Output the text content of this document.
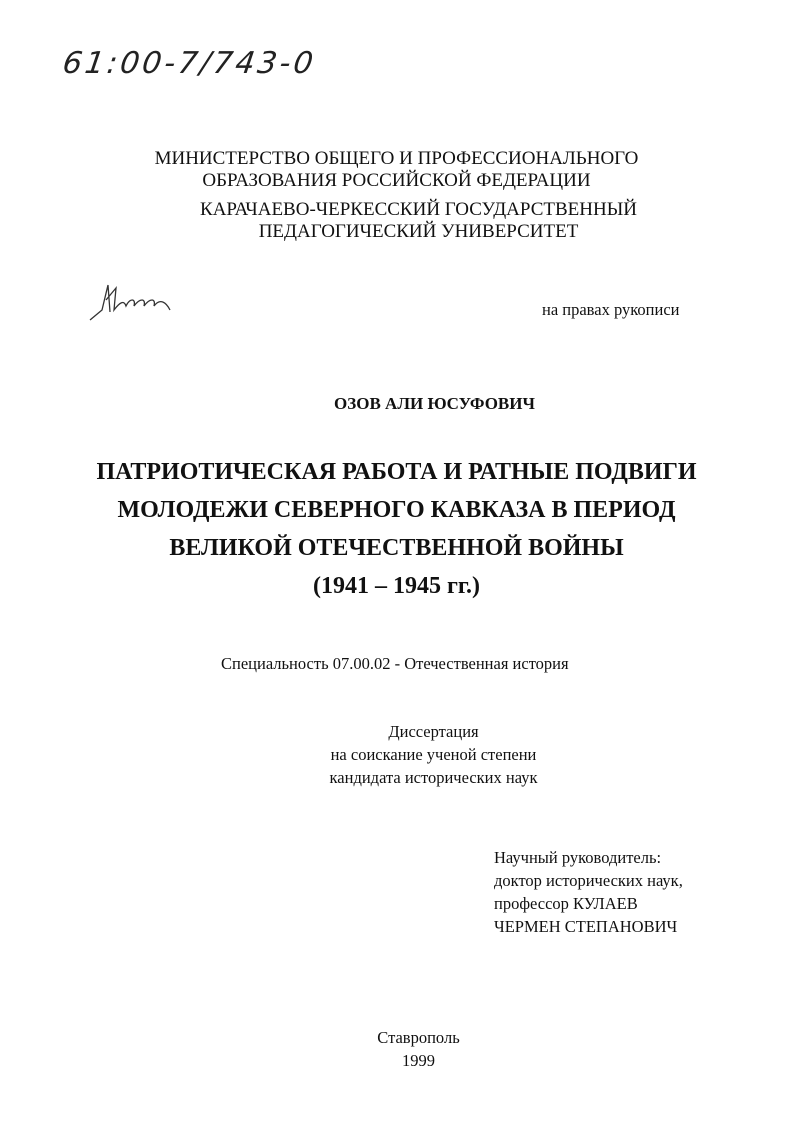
61:00-7/743-0
МИНИСТЕРСТВО ОБЩЕГО И ПРОФЕССИОНАЛЬНОГО
ОБРАЗОВАНИЯ РОССИЙСКОЙ ФЕДЕРАЦИИ
КАРАЧАЕВО-ЧЕРКЕССКИЙ ГОСУДАРСТВЕННЫЙ
ПЕДАГОГИЧЕСКИЙ УНИВЕРСИТЕТ
на правах рукописи
ОЗОВ АЛИ ЮСУФОВИЧ
ПАТРИОТИЧЕСКАЯ РАБОТА И РАТНЫЕ ПОДВИГИ
МОЛОДЕЖИ СЕВЕРНОГО КАВКАЗА В ПЕРИОД
ВЕЛИКОЙ ОТЕЧЕСТВЕННОЙ ВОЙНЫ
(1941 – 1945 гг.)
Специальность 07.00.02 - Отечественная история
Диссертация
на соискание ученой степени
кандидата исторических наук
Научный руководитель:
доктор исторических наук,
профессор КУЛАЕВ
ЧЕРМЕН СТЕПАНОВИЧ
Ставрополь
1999
